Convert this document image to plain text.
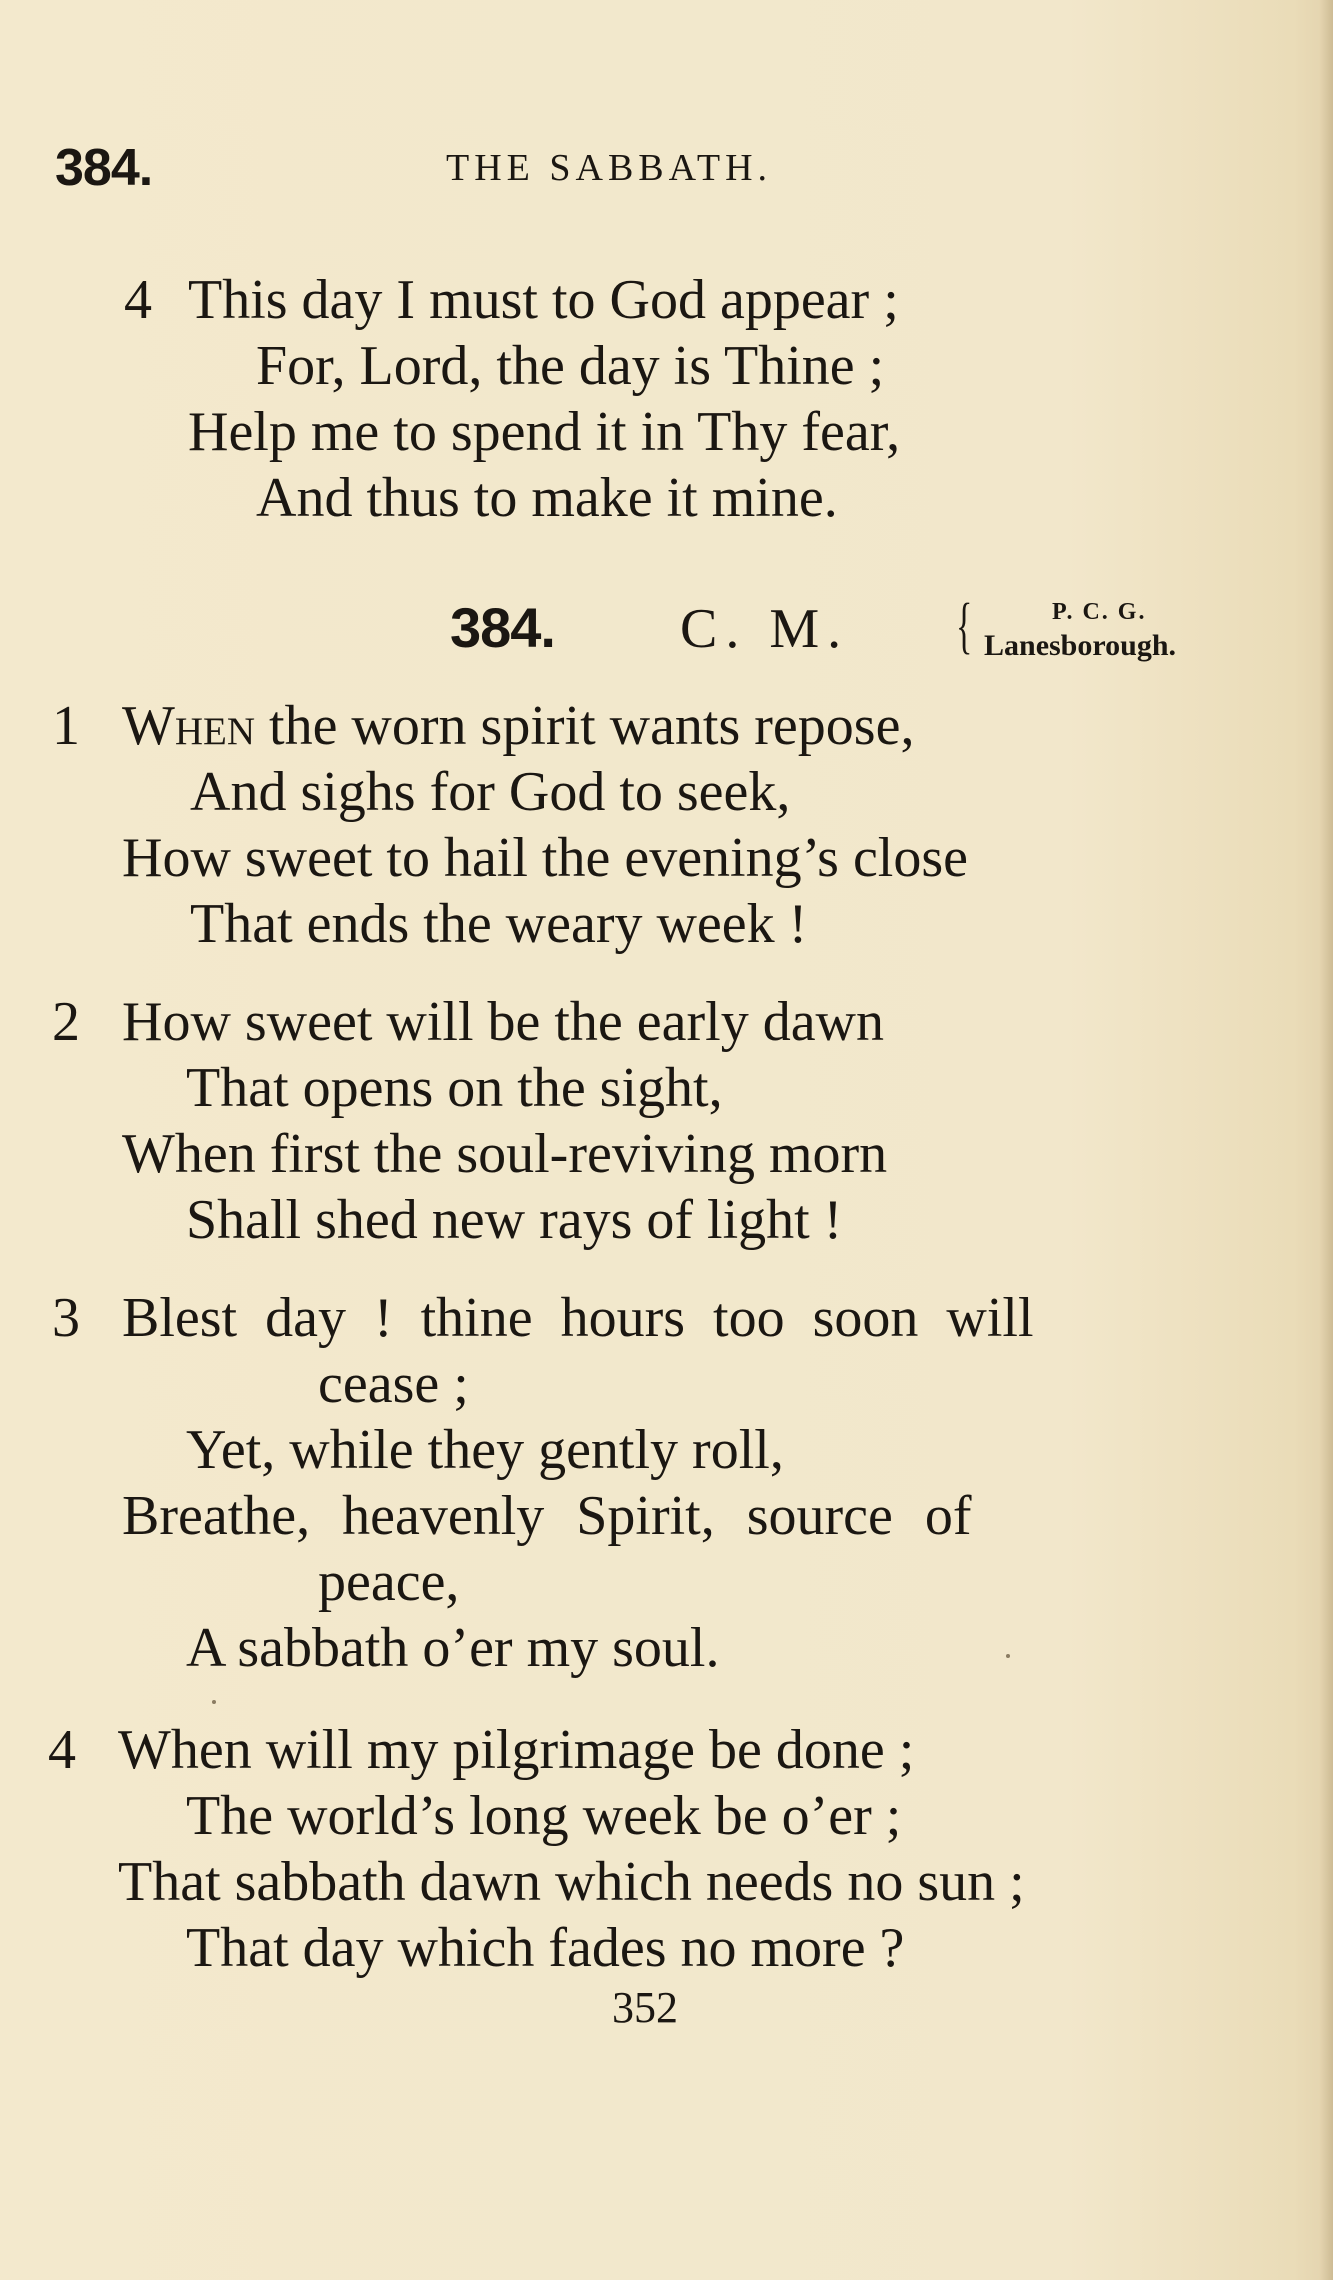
384.	THE SABBATH.
4 This day I must to God appear ;
For, Lord, the day is Thine ;
Help me to spend it in Thy fear,
And thus to make it mine.
384. C. M. {	P. C. G.
Lanesborough.
1 When the worn spirit wants repose,
And sighs for God to seek,
How sweet to hail the evening’s close
That ends the weary week !
2 How sweet will be the early dawn
That opens on the sight,
When first the soul-reviving morn
Shall shed new rays of light !
3 Blest day ! thine hours too soon will
cease ;
Yet, while they gently roll,
Breathe, heavenly Spirit, source of
peace,
A sabbath o’er my soul.
4 When will my pilgrimage be done ;
The world’s long week be o’er ;
That sabbath dawn which needs no sun ;
That day which fades no more ?
352
